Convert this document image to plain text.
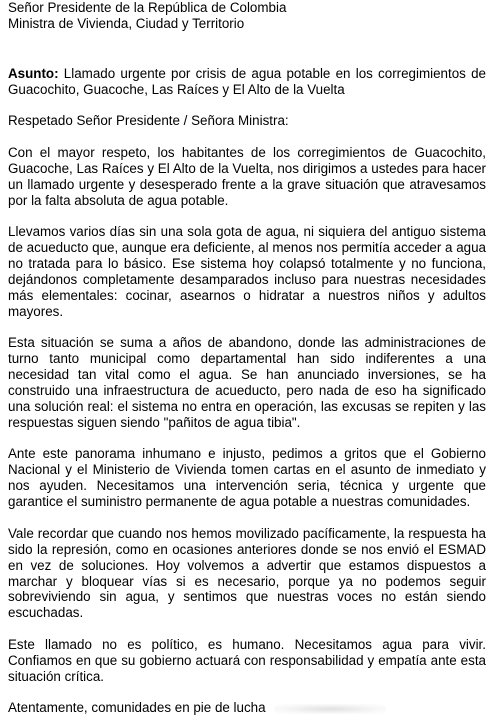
Señor Presidente de la República de Colombia

Ministra de Vivienda, Ciudad y Territorio

Asunto: Llamado urgente por crisis de agua potable en los corregimientos de Guacochito, Guacoche, Las Raíces y El Alto de la Vuelta

Respetado Señor Presidente / Señora Ministra:

Con el mayor respeto, los habitantes de los corregimientos de Guacochito, Guacoche, Las Raíces y El Alto de la Vuelta, nos dirigimos a ustedes para hacer un llamado urgente y desesperado frente a la grave situación que atravesamos por la falta absoluta de agua potable.

Llevamos varios días sin una sola gota de agua, ni siquiera del antiguo sistema de acueducto que, aunque era deficiente, al menos nos permitía acceder a agua no tratada para lo básico. Ese sistema hoy colapsó totalmente y no funciona, dejándonos completamente desamparados incluso para nuestras necesidades más elementales: cocinar, asearnos o hidratar a nuestros niños y adultos mayores.

Esta situación se suma a años de abandono, donde las administraciones de turno tanto municipal como departamental han sido indiferentes a una necesidad tan vital como el agua. Se han anunciado inversiones, se ha construido una infraestructura de acueducto, pero nada de eso ha significado una solución real: el sistema no entra en operación, las excusas se repiten y las respuestas siguen siendo "pañitos de agua tibia".

Ante este panorama inhumano e injusto, pedimos a gritos que el Gobierno Nacional y el Ministerio de Vivienda tomen cartas en el asunto de inmediato y nos ayuden. Necesitamos una intervención seria, técnica y urgente que garantice el suministro permanente de agua potable a nuestras comunidades.

Vale recordar que cuando nos hemos movilizado pacíficamente, la respuesta ha sido la represión, como en ocasiones anteriores donde se nos envió el ESMAD en vez de soluciones. Hoy volvemos a advertir que estamos dispuestos a marchar y bloquear vías si es necesario, porque ya no podemos seguir sobreviviendo sin agua, y sentimos que nuestras voces no están siendo escuchadas.

Este llamado no es político, es humano. Necesitamos agua para vivir. Confiamos en que su gobierno actuará con responsabilidad y empatía ante esta situación crítica.

Atentamente, comunidades en pie de lucha
